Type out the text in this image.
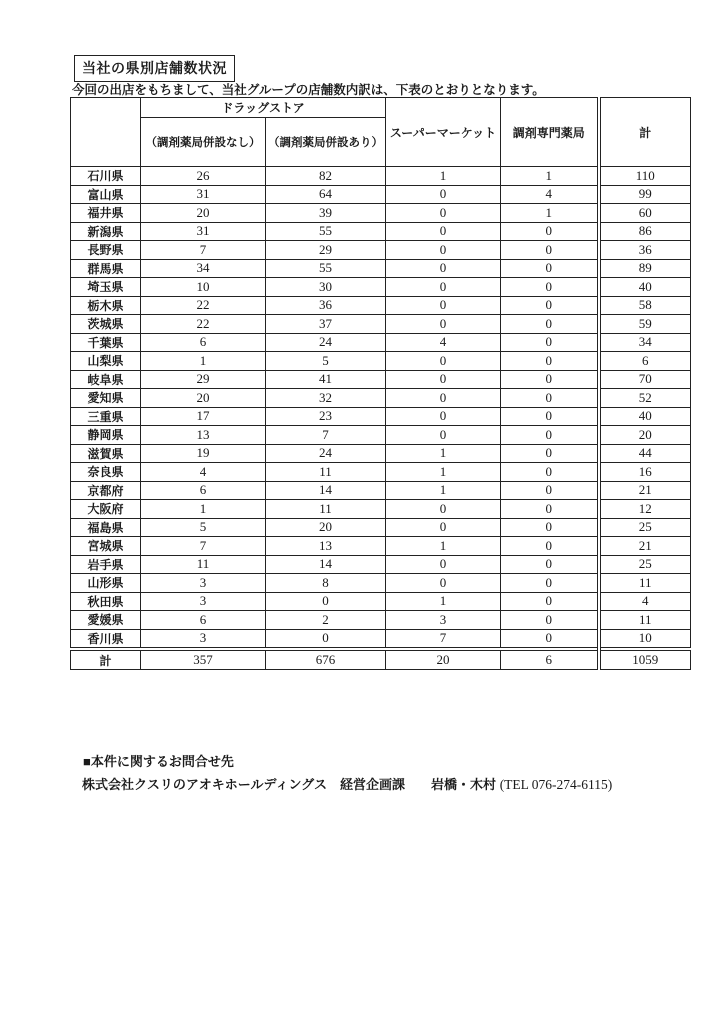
当社の県別店舗数状況
今回の出店をもちまして、当社グループの店舗数内訳は、下表のとおりとなります。
	ドラッグストア		スーパーマーケット	調剤専門薬局	計
	（調剤薬局併設なし）	（調剤薬局併設あり）			
石川県	26	82	1	1	110
富山県	31	64	0	4	99
福井県	20	39	0	1	60
新潟県	31	55	0	0	86
長野県	7	29	0	0	36
群馬県	34	55	0	0	89
埼玉県	10	30	0	0	40
栃木県	22	36	0	0	58
茨城県	22	37	0	0	59
千葉県	6	24	4	0	34
山梨県	1	5	0	0	6
岐阜県	29	41	0	0	70
愛知県	20	32	0	0	52
三重県	17	23	0	0	40
静岡県	13	7	0	0	20
滋賀県	19	24	1	0	44
奈良県	4	11	1	0	16
京都府	6	14	1	0	21
大阪府	1	11	0	0	12
福島県	5	20	0	0	25
宮城県	7	13	1	0	21
岩手県	11	14	0	0	25
山形県	3	8	0	0	11
秋田県	3	0	1	0	4
愛媛県	6	2	3	0	11
香川県	3	0	7	0	10
計	357	676	20	6	1059
■本件に関するお問合せ先
株式会社クスリのアオキホールディングス　経営企画課　　岩橋・木村 (TEL 076-274-6115)
